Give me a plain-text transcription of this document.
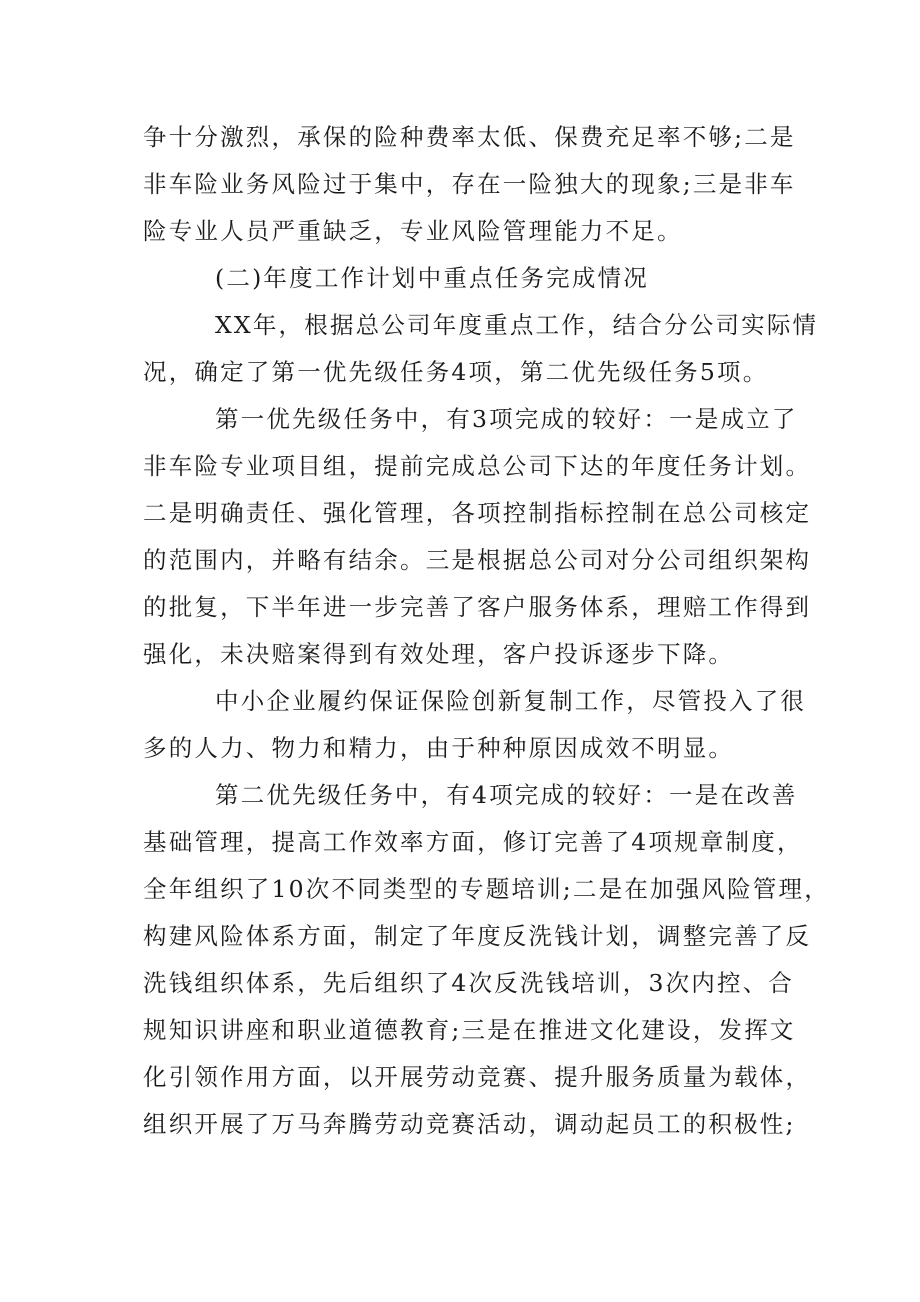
争十分激烈，承保的险种费率太低、保费充足率不够;二是
非车险业务风险过于集中，存在一险独大的现象;三是非车
险专业人员严重缺乏，专业风险管理能力不足。
(二)年度工作计划中重点任务完成情况
XX年，根据总公司年度重点工作，结合分公司实际情
况，确定了第一优先级任务4项，第二优先级任务5项。
第一优先级任务中，有3项完成的较好：一是成立了
非车险专业项目组，提前完成总公司下达的年度任务计划。
二是明确责任、强化管理，各项控制指标控制在总公司核定
的范围内，并略有结余。三是根据总公司对分公司组织架构
的批复，下半年进一步完善了客户服务体系，理赔工作得到
强化，未决赔案得到有效处理，客户投诉逐步下降。
中小企业履约保证保险创新复制工作，尽管投入了很
多的人力、物力和精力，由于种种原因成效不明显。
第二优先级任务中，有4项完成的较好：一是在改善
基础管理，提高工作效率方面，修订完善了4项规章制度，
全年组织了10次不同类型的专题培训;二是在加强风险管理，
构建风险体系方面，制定了年度反洗钱计划，调整完善了反
洗钱组织体系，先后组织了4次反洗钱培训，3次内控、合
规知识讲座和职业道德教育;三是在推进文化建设，发挥文
化引领作用方面，以开展劳动竞赛、提升服务质量为载体，
组织开展了万马奔腾劳动竞赛活动，调动起员工的积极性;
